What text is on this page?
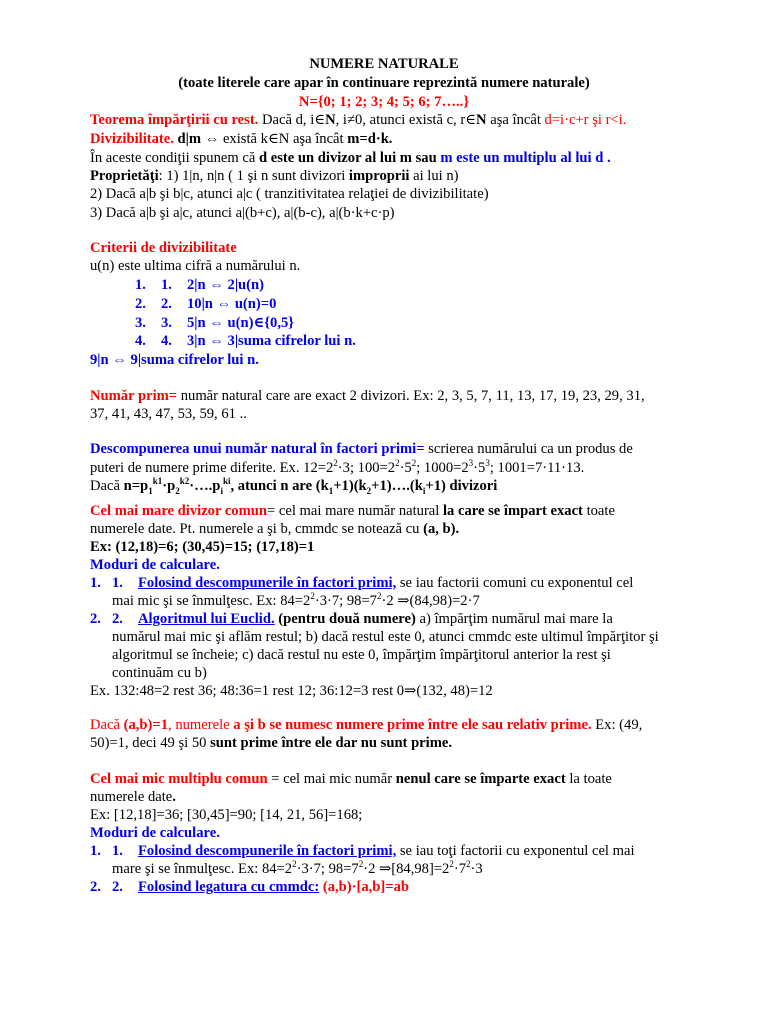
NUMERE NATURALE
(toate literele care apar în continuare reprezintă numere naturale)
N={0; 1; 2; 3; 4; 5; 6; 7…..}
Teorema împărţirii cu rest. Dacă d, i∈N, i≠0, atunci există c, r∈N aşa încât d=i·c+r şi r<i.
Divizibilitate. d|m ⇔ există k∈N aşa încât m=d·k.
În aceste condiţii spunem că d este un divizor al lui m sau m este un multiplu al lui d .
Proprietăţi: 1) 1|n, n|n ( 1 şi n sunt divizori improprii ai lui n)
2) Dacă a|b şi b|c, atunci a|c ( tranzitivitatea relaţiei de divizibilitate)
3) Dacă a|b şi a|c, atunci a|(b+c), a|(b-c), a|(b·k+c·p)
Criterii de divizibilitate
u(n) este ultima cifră a numărului n.
1. 1. 2|n ⇔ 2|u(n)
2. 2. 10|n ⇔ u(n)=0
3. 3. 5|n ⇔ u(n)∈{0,5}
4. 4. 3|n ⇔ 3|suma cifrelor lui n.
9|n ⇔ 9|suma cifrelor lui n.
Număr prim= număr natural care are exact 2 divizori. Ex: 2, 3, 5, 7, 11, 13, 17, 19, 23, 29, 31,
37, 41, 43, 47, 53, 59, 61 ..
Descompunerea unui număr natural în factori primi= scrierea numărului ca un produs de
puteri de numere prime diferite. Ex. $12=2^2\cdot 3$; $100=2^2\cdot 5^2$; $1000=2^3\cdot 5^3$; 1001=7·11·13.
Dacă $n=p_1^{k1}\cdot p_2^{k2}\cdot\dots.p_i^{ki}$, atunci n are $(k_1+1)(k_2+1)\dots.(k_i+1)$ divizori
Cel mai mare divizor comun= cel mai mare număr natural la care se împart exact toate
numerele date. Pt. numerele a şi b, cmmdc se notează cu (a, b).
Ex: (12,18)=6; (30,45)=15; (17,18)=1
Moduri de calculare.
1. 1. Folosind descompunerile în factori primi, se iau factorii comuni cu exponentul cel
mai mic şi se înmulţesc. Ex: $84=2^2\cdot 3\cdot 7$; $98=7^2\cdot 2$ ⇒(84,98)=2·7
2. 2. Algoritmul lui Euclid. (pentru două numere) a) împărţim numărul mai mare la
numărul mai mic şi aflăm restul; b) dacă restul este 0, atunci cmmdc este ultimul împărţitor şi
algoritmul se încheie; c) dacă restul nu este 0, împărţim împărţitorul anterior la rest şi
continuăm cu b)
Ex. 132:48=2 rest 36; 48:36=1 rest 12; 36:12=3 rest 0⇒(132, 48)=12
Dacă (a,b)=1, numerele a şi b se numesc numere prime între ele sau relativ prime. Ex: (49,
50)=1, deci 49 şi 50 sunt prime între ele dar nu sunt prime.
Cel mai mic multiplu comun = cel mai mic număr nenul care se împarte exact la toate
numerele date.
Ex: [12,18]=36; [30,45]=90; [14, 21, 56]=168;
Moduri de calculare.
1. 1. Folosind descompunerile în factori primi, se iau toţi factorii cu exponentul cel mai
mare şi se înmulţesc. Ex: $84=2^2\cdot 3\cdot 7$; $98=7^2\cdot 2$ $\Rightarrow[84,98]=2^2\cdot 7^2\cdot 3$
2. 2. Folosind legatura cu cmmdc: (a,b)·[a,b]=ab
